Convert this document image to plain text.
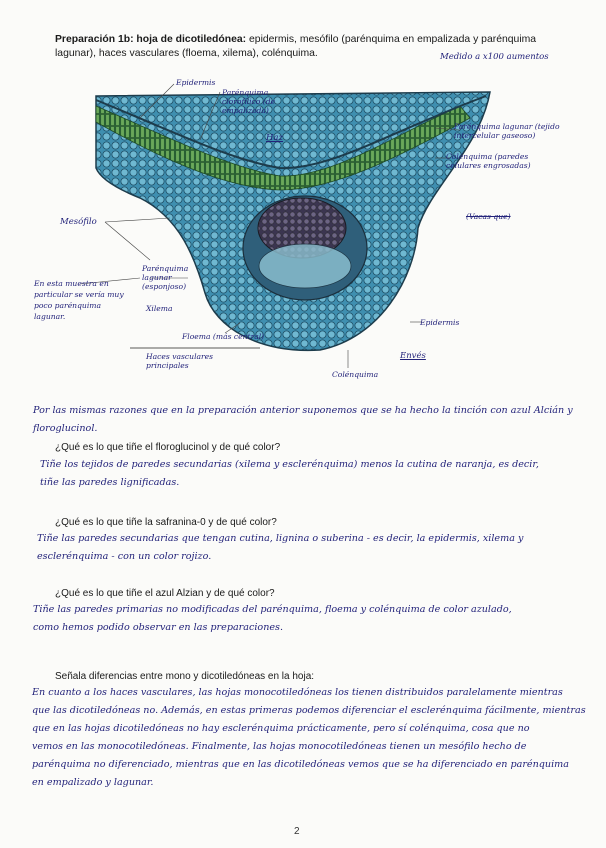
Preparación 1b: hoja de dicotiledónea: epidermis, mesófilo (parénquima en empalizada y parénquima lagunar), haces vasculares (floema, xilema), colénquima.	Medido a x100 aumentos
Epidermis
Parénquima clorofílico (de empalizada)
Haz
Parénquima lagunar (tejido intercelular gaseoso)
Colénquima (paredes celulares engrosadas)
(Vacas que)
Mesófilo
Parénquima lagunar (esponjoso)
En esta muestra en particular se vería muy poco parénquima lagunar.
Xilema
Floema (más central)
Haces vasculares principales
Epidermis
Envés
Colénquima
Por las mismas razones que en la preparación anterior suponemos que se ha hecho la tinción con azul Alcián y floroglucinol.
¿Qué es lo que tiñe el floroglucinol y de qué color?
Tiñe los tejidos de paredes secundarias (xilema y esclerénquima) menos la cutina de naranja, es decir,
tiñe las paredes lignificadas.
¿Qué es lo que tiñe la safranina-0 y de qué color?
Tiñe las paredes secundarias que tengan cutina, lignina o suberina - es decir, la epidermis, xilema y
esclerénquima - con un color rojizo.
¿Qué es lo que tiñe el azul Alzian y de qué color?
Tiñe las paredes primarias no modificadas del parénquima, floema y colénquima de color azulado,
como hemos podido observar en las preparaciones.
Señala diferencias entre mono y dicotiledóneas en la hoja:
En cuanto a los haces vasculares, las hojas monocotiledóneas los tienen distribuidos paralelamente mientras
que las dicotiledóneas no. Además, en estas primeras podemos diferenciar el esclerénquima fácilmente, mientras
que en las hojas dicotiledóneas no hay esclerénquima prácticamente, pero sí colénquima, cosa que no
vemos en las monocotiledóneas. Finalmente, las hojas monocotiledóneas tienen un mesófilo hecho de
parénquima no diferenciado, mientras que en las dicotiledóneas vemos que se ha diferenciado en parénquima
en empalizado y lagunar.
2
